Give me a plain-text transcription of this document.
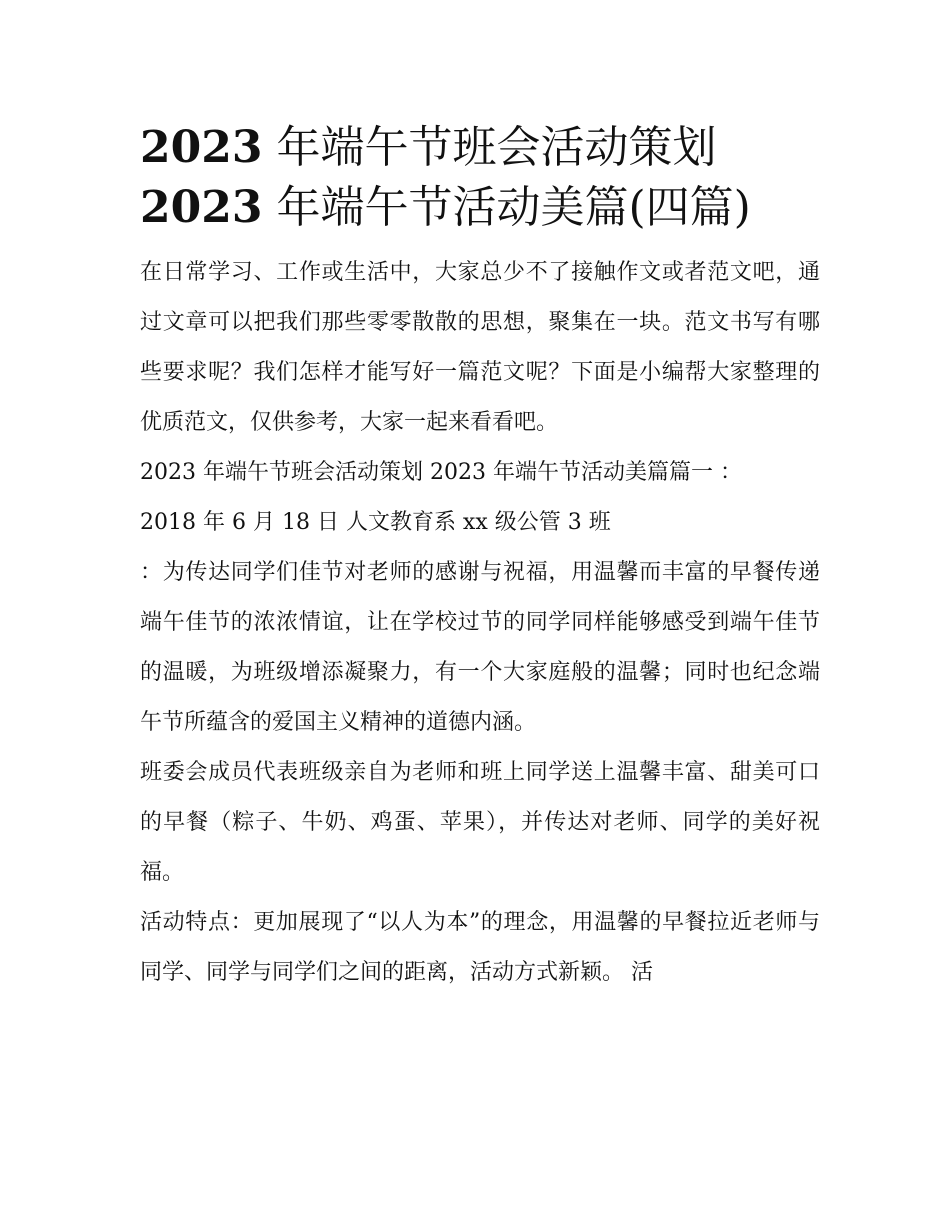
2023 年端午节班会活动策划
2023 年端午节活动美篇(四篇)

在日常学习、工作或生活中，大家总少不了接触作文或者范文吧，通过文章可以把我们那些零零散散的思想，聚集在一块。范文书写有哪些要求呢？我们怎样才能写好一篇范文呢？下面是小编帮大家整理的优质范文，仅供参考，大家一起来看看吧。

2023 年端午节班会活动策划 2023 年端午节活动美篇篇一 ：

2018 年 6 月 18 日 人文教育系 xx 级公管 3 班

：为传达同学们佳节对老师的感谢与祝福，用温馨而丰富的早餐传递端午佳节的浓浓情谊，让在学校过节的同学同样能够感受到端午佳节的温暖，为班级增添凝聚力，有一个大家庭般的温馨；同时也纪念端午节所蕴含的爱国主义精神的道德内涵。

班委会成员代表班级亲自为老师和班上同学送上温馨丰富、甜美可口的早餐（粽子、牛奶、鸡蛋、苹果），并传达对老师、同学的美好祝福。

活动特点：更加展现了“以人为本”的理念，用温馨的早餐拉近老师与同学、同学与同学们之间的距离，活动方式新颖。 活
